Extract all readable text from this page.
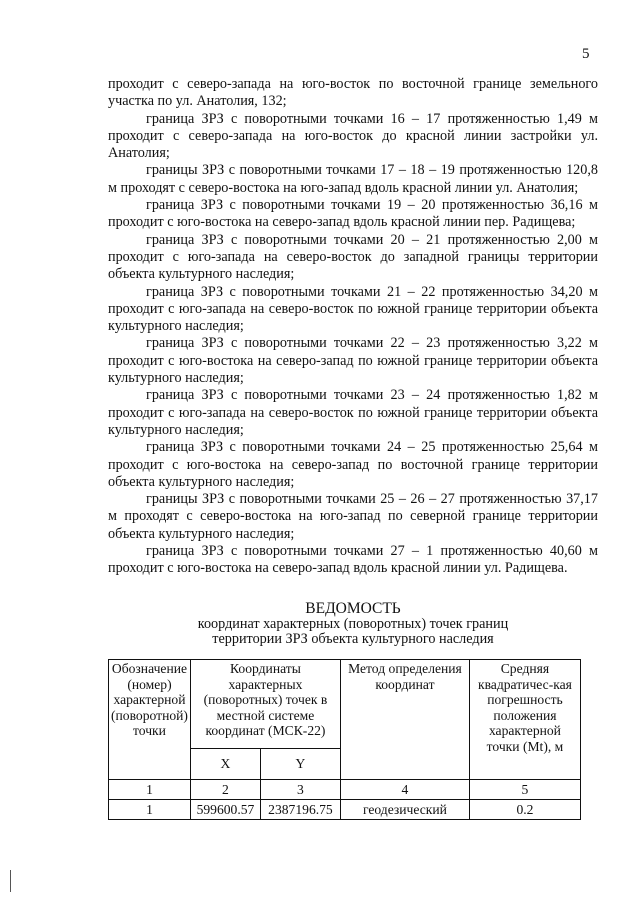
5

проходит с северо-запада на юго-восток по восточной границе земельного участка по ул. Анатолия, 132;

граница ЗРЗ с поворотными точками 16 – 17 протяженностью 1,49 м проходит с северо-запада на юго-восток до красной линии застройки ул. Анатолия;

границы ЗРЗ с поворотными точками 17 – 18 – 19 протяженностью 120,8 м проходят с северо-востока на юго-запад вдоль красной линии ул. Анатолия;

граница ЗРЗ с поворотными точками 19 – 20 протяженностью 36,16 м проходит с юго-востока на северо-запад вдоль красной линии пер. Радищева;

граница ЗРЗ с поворотными точками 20 – 21 протяженностью 2,00 м проходит с юго-запада на северо-восток до западной границы территории объекта культурного наследия;

граница ЗРЗ с поворотными точками 21 – 22 протяженностью 34,20 м проходит с юго-запада на северо-восток по южной границе территории объекта культурного наследия;

граница ЗРЗ с поворотными точками 22 – 23 протяженностью 3,22 м проходит с юго-востока на северо-запад по южной границе территории объекта культурного наследия;

граница ЗРЗ с поворотными точками 23 – 24 протяженностью 1,82 м проходит с юго-запада на северо-восток по южной границе территории объекта культурного наследия;

граница ЗРЗ с поворотными точками 24 – 25 протяженностью 25,64 м проходит с юго-востока на северо-запад по восточной границе территории объекта культурного наследия;

границы ЗРЗ с поворотными точками 25 – 26 – 27 протяженностью 37,17 м проходят с северо-востока на юго-запад по северной границе территории объекта культурного наследия;

граница ЗРЗ с поворотными точками 27 – 1 протяженностью 40,60 м проходит с юго-востока на северо-запад вдоль красной линии ул. Радищева.

ВЕДОМОСТЬ
координат характерных (поворотных) точек границ
территории ЗРЗ объекта культурного наследия
Обозначение (номер) характерной (поворотной) точки	Координаты характерных (поворотных) точек в местной системе координат (МСК-22)		Метод определения координат	Средняя квадратичес-кая погрешность положения характерной точки (Mt), м
	X	Y		
1	2	3	4	5
1	599600.57	2387196.75	геодезический	0.2
